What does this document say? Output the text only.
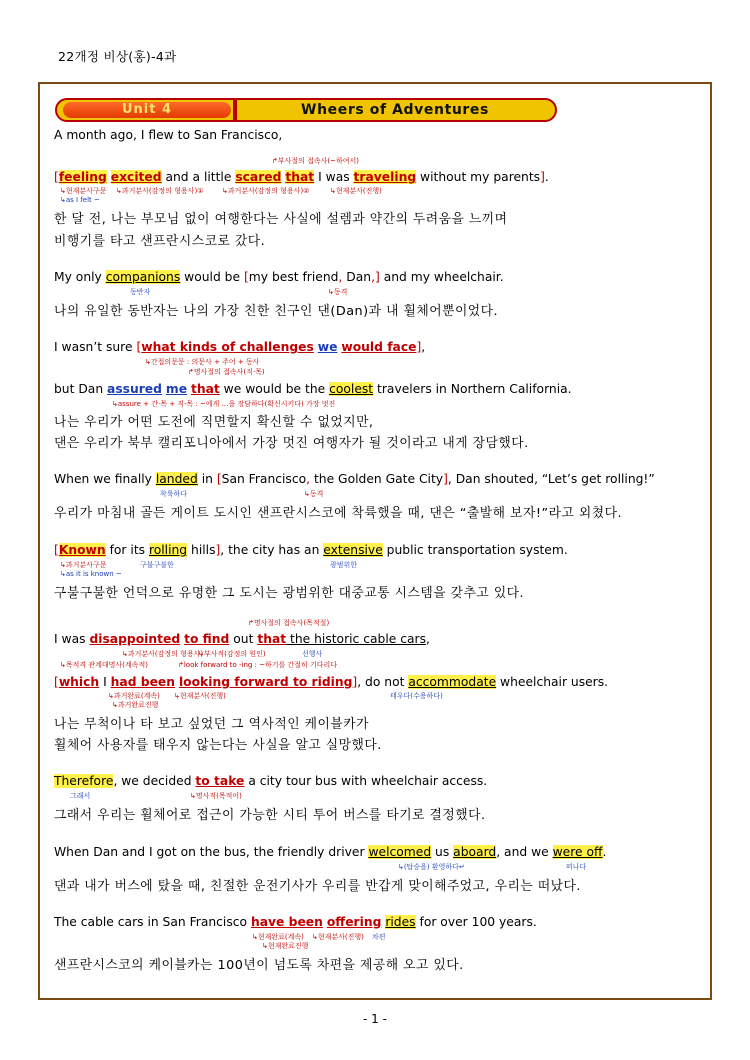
22개정 비상(홍)-4과
Unit 4	Wheers of Adventures
A month ago, I flew to San Francisco,
↱부사절의 접속사(~하여서)
[feeling excited and a little scared that I was traveling without my parents].
↳현재분사구문
↳as I felt ~
↳과거분사(감정의 형용사)①	↳과거분사(감정의 형용사)②	↳현재분사(진행)
한 달 전, 나는 부모님 없이 여행한다는 사실에 설렘과 약간의 두려움을 느끼며
비행기를 타고 샌프란시스코로 갔다.
My only companions would be [my best friend, Dan,] and my wheelchair.
동반자	↳동격
나의 유일한 동반자는 나의 가장 친한 친구인 댄(Dan)과 내 휠체어뿐이었다.
I wasn’t sure [what kinds of challenges we would face],
↳간접의문문 : 의문사 + 주어 + 동사
↱명사절의 접속사(직·목)
but Dan assured me that we would be the coolest travelers in Northern California.
↳assure + 간·목 + 직·목 : ~에게 …을 장담하다(확신시키다) 가장 멋진
나는 우리가 어떤 도전에 직면할지 확신할 수 없었지만,
댄은 우리가 북부 캘리포니아에서 가장 멋진 여행자가 될 것이라고 내게 장담했다.
When we finally landed in [San Francisco, the Golden Gate City], Dan shouted, “Let’s get rolling!”
착륙하다	↳동격
우리가 마침내 골든 게이트 도시인 샌프란시스코에 착륙했을 때, 댄은 “출발해 보자!”라고 외쳤다.
[Known for its rolling hills], the city has an extensive public transportation system.
↳과거분사구문
↳as it is known ~
구불구불한	광범위한
구불구불한 언덕으로 유명한 그 도시는 광범위한 대중교통 시스템을 갖추고 있다.
↱명사절의 접속사(목적절)
I was disappointed to find out that the historic cable cars,
↳과거분사(감정의 형용사)
↳부사적(감정의 원인)	선행사
↳목적격 관계대명사(계속적)	↱look forward to -ing : ~하기를 간절히 기다리다
[which I had been looking forward to riding], do not accommodate wheelchair users.
↳과거완료(계속) ↳현재분사(진행)
↳과거완료진행
태우다(수용하다)
나는 무척이나 타 보고 싶었던 그 역사적인 케이블카가
휠체어 사용자를 태우지 않는다는 사실을 알고 실망했다.
Therefore, we decided to take a city tour bus with wheelchair access.
그래서	↳명사적(목적어)
그래서 우리는 휠체어로 접근이 가능한 시티 투어 버스를 타기로 결정했다.
When Dan and I got on the bus, the friendly driver welcomed us aboard, and we were off.
↳(탑승을) 환영하다↵	떠나다
댄과 내가 버스에 탔을 때, 친절한 운전기사가 우리를 반갑게 맞이해주었고, 우리는 떠났다.
The cable cars in San Francisco have been offering rides for over 100 years.
↳현재완료(계속) ↳현재분사(진행) 차편
↳현재완료진행
샌프란시스코의 케이블카는 100년이 넘도록 차편을 제공해 오고 있다.
- 1 -
